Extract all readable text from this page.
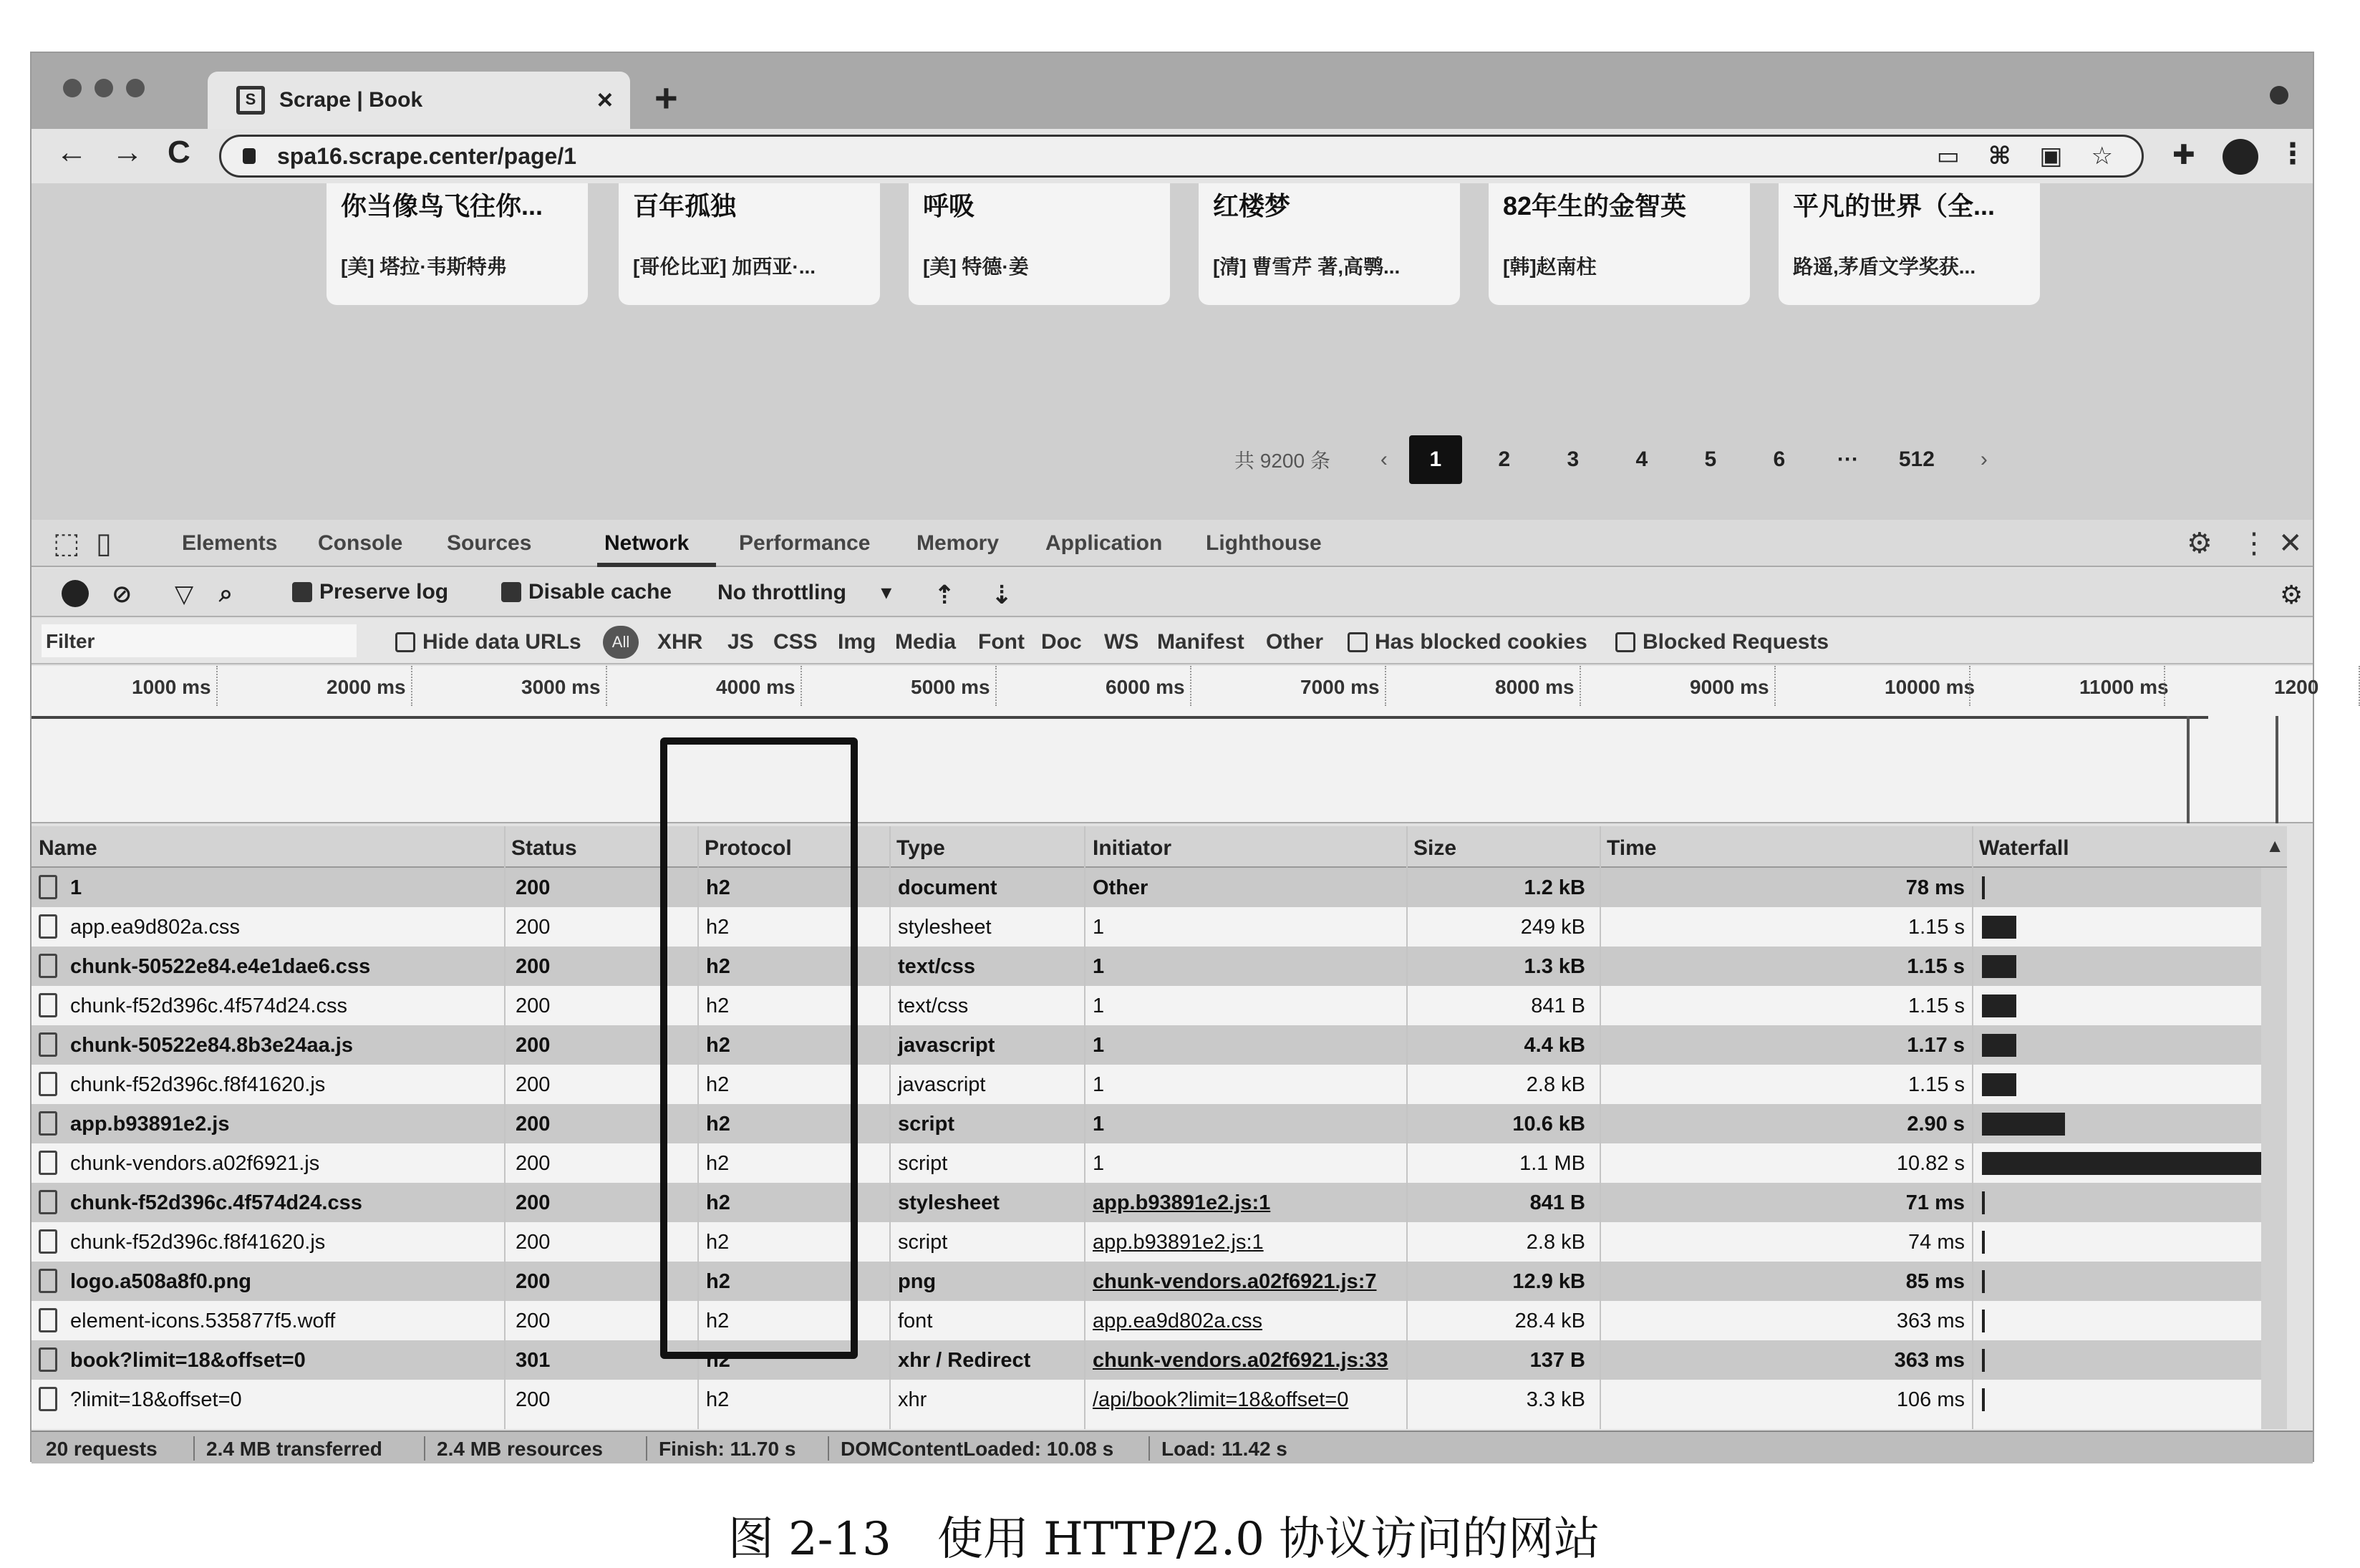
S	Scrape | Book	× +
← → C	spa16.scrape.center/page/1	▭ ⌘ ▣ ☆ ✚	⋮
你当像鸟飞往你...
[美] 塔拉·韦斯特弗
百年孤独
[哥伦比亚] 加西亚·...
呼吸
[美] 特德·姜
红楼梦
[清] 曹雪芹 著,高鹗...
82年生的金智英
[韩]赵南柱
平凡的世界（全...
路遥,茅盾文学奖获...
共 9200 条 ‹	1	2	3	4	5	6	···	512	›
⬚ ▯	Elements Console Sources	Network Performance Memory Application Lighthouse	⚙ ⋮ ✕
⊘ ▽ ⌕	Preserve log	Disable cache No throttling ▾ ⇡ ⇣	⚙
Filter	Hide data URLs	All	XHR JS CSS Img Media Font Doc WS Manifest Other	Has blocked cookies	Blocked Requests
1000 ms	2000 ms	3000 ms	4000 ms	5000 ms	6000 ms	7000 ms	8000 ms	9000 ms	10000 ms	11000 ms	1200
Name	Status	Protocol	Type	Initiator	Size	Time	Waterfall
1	200	h2	document	Other	1.2 kB	78 ms
app.ea9d802a.css	200	h2	stylesheet	1	249 kB	1.15 s
chunk-50522e84.e4e1dae6.css	200	h2	text/css	1	1.3 kB	1.15 s
chunk-f52d396c.4f574d24.css	200	h2	text/css	1	841 B	1.15 s
chunk-50522e84.8b3e24aa.js	200	h2	javascript	1	4.4 kB	1.17 s
chunk-f52d396c.f8f41620.js	200	h2	javascript	1	2.8 kB	1.15 s
app.b93891e2.js	200	h2	script	1	10.6 kB	2.90 s
chunk-vendors.a02f6921.js	200	h2	script	1	1.1 MB	10.82 s
chunk-f52d396c.4f574d24.css	200	h2	stylesheet	app.b93891e2.js:1	841 B	71 ms
chunk-f52d396c.f8f41620.js	200	h2	script	app.b93891e2.js:1	2.8 kB	74 ms
logo.a508a8f0.png	200	h2	png	chunk-vendors.a02f6921.js:7	12.9 kB	85 ms
element-icons.535877f5.woff	200	h2	font	app.ea9d802a.css	28.4 kB	363 ms
book?limit=18&offset=0	301	h2	xhr / Redirect	chunk-vendors.a02f6921.js:33	137 B	363 ms
?limit=18&offset=0	200	h2	xhr	/api/book?limit=18&offset=0	3.3 kB	106 ms
▲
20 requests 2.4 MB transferred	2.4 MB resources	Finish: 11.70 s DOMContentLoaded: 10.08 s Load: 11.42 s
图 2-13　使用 HTTP/2.0 协议访问的网站
